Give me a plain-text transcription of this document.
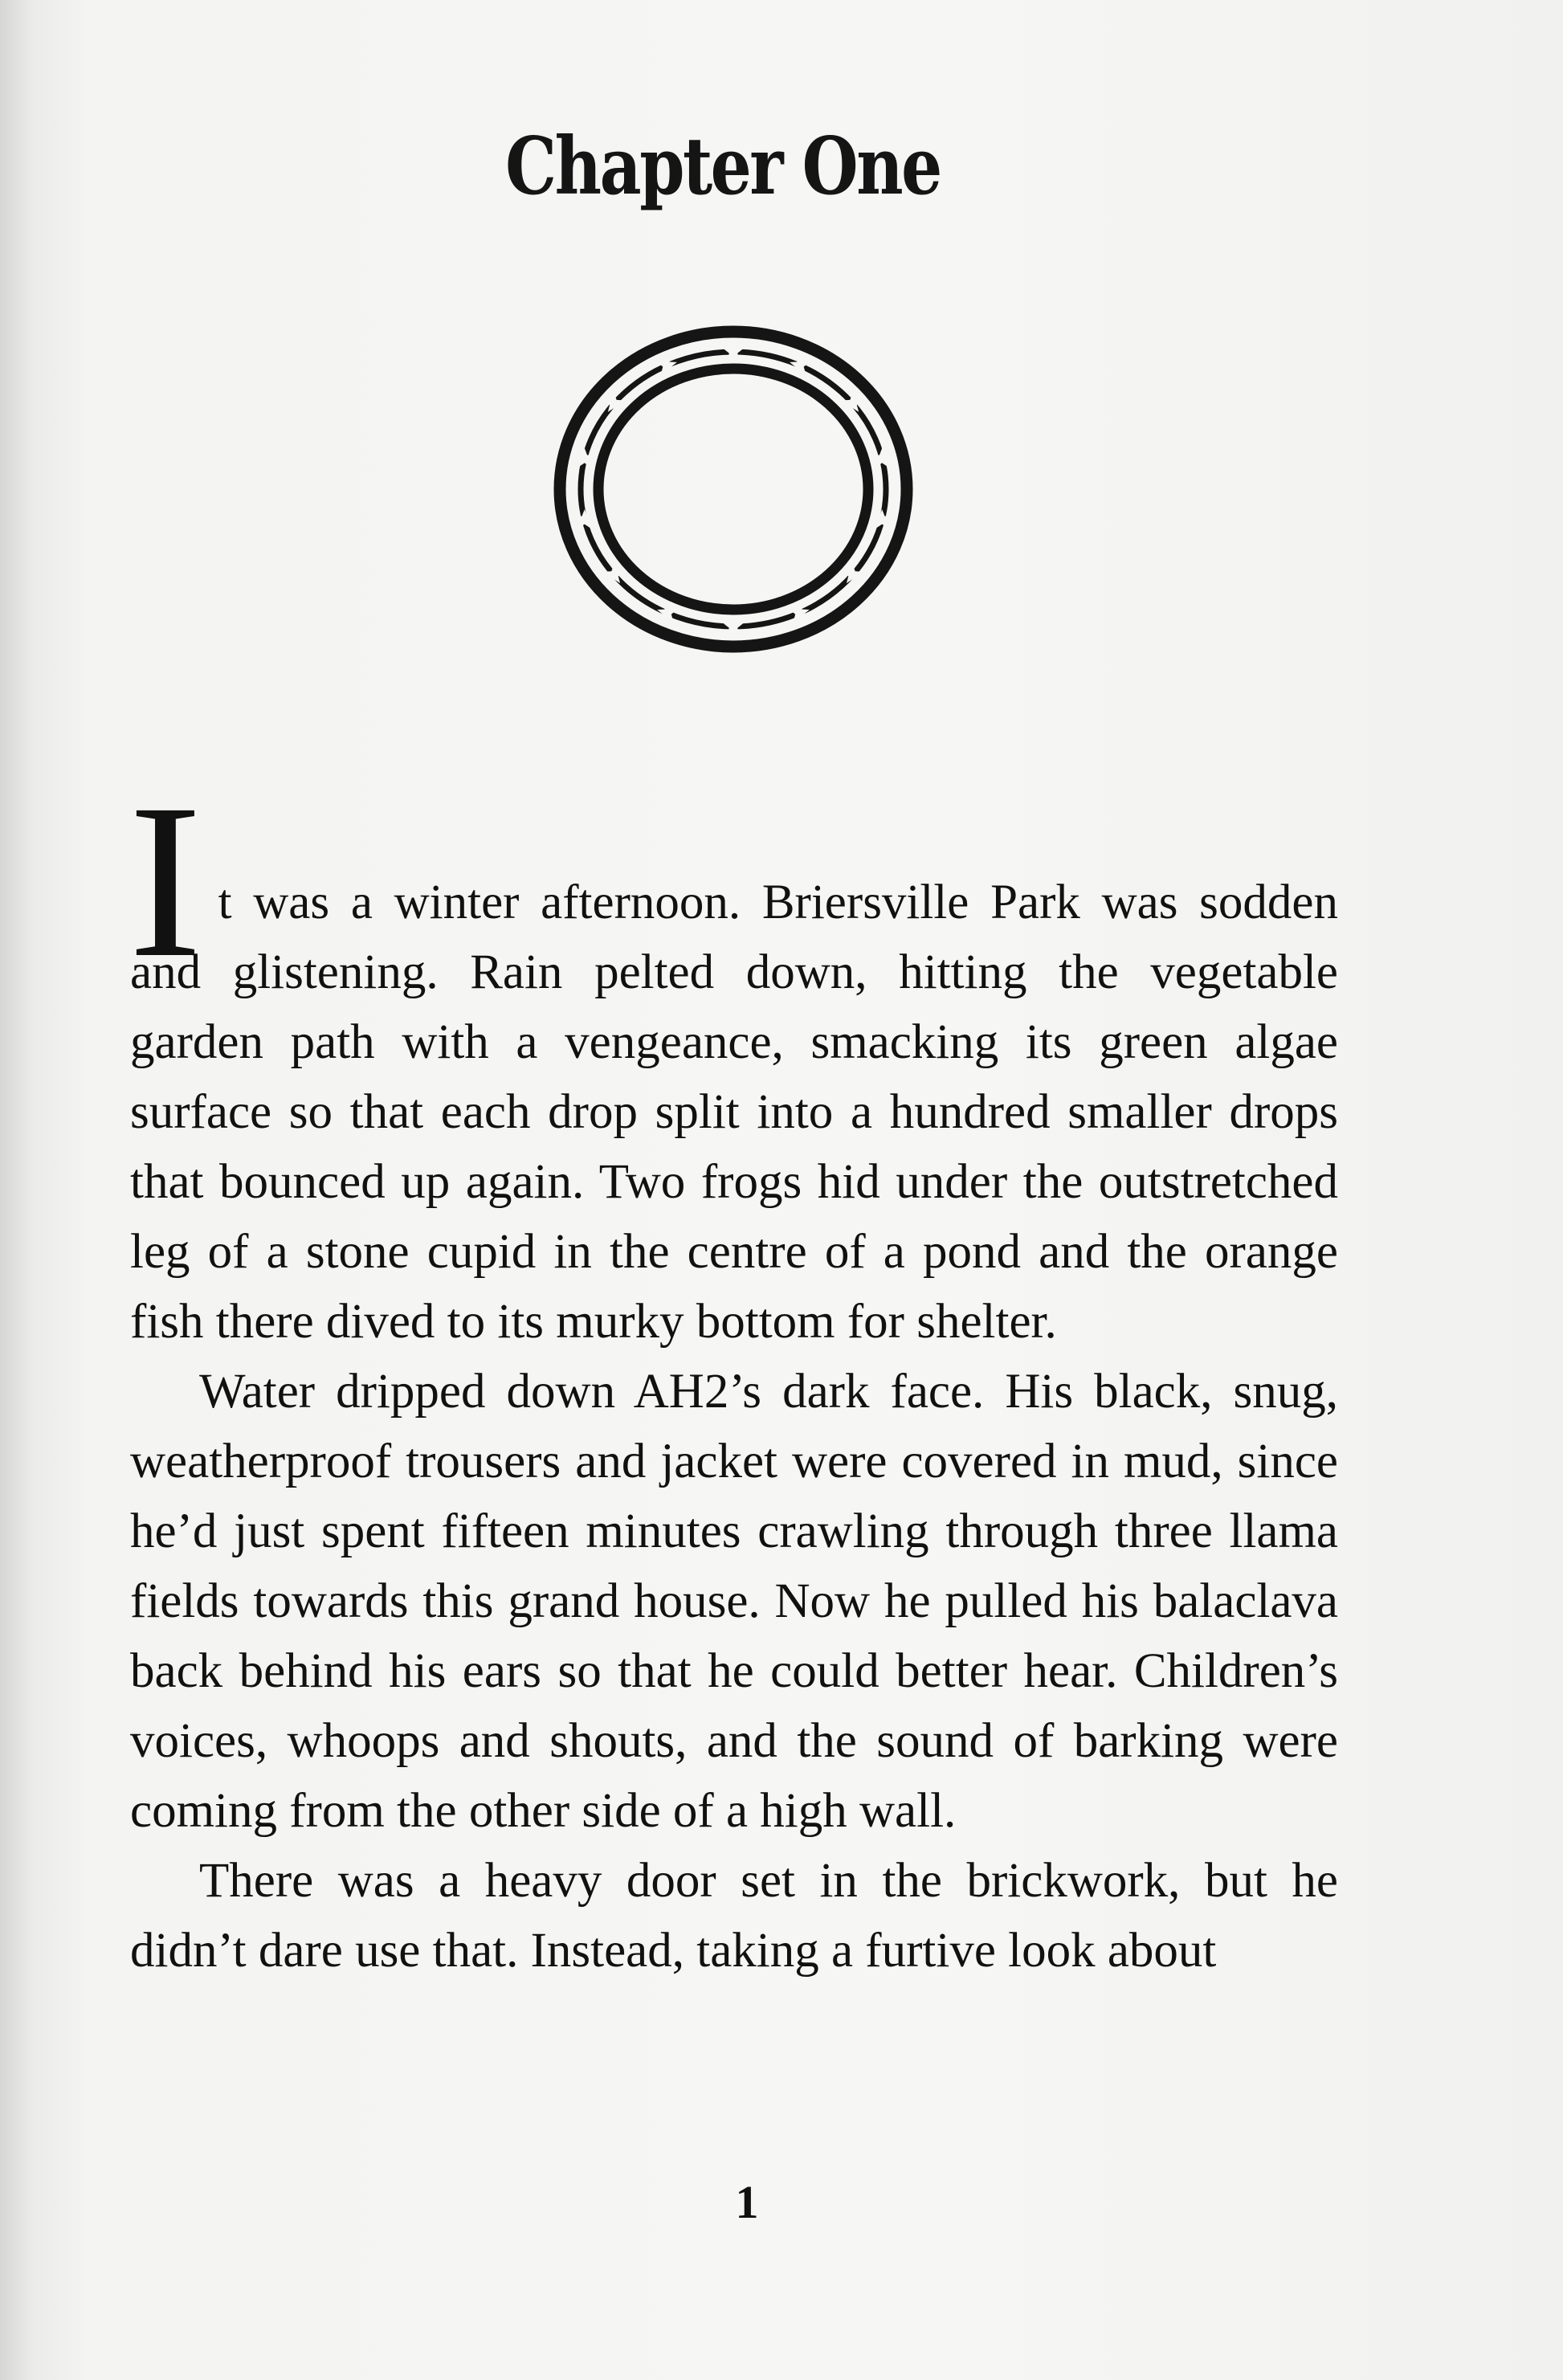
Chapter One

It was a winter afternoon. Briersville Park was sodden and glistening. Rain pelted down, hitting the vegetable garden path with a vengeance, smacking its green algae surface so that each drop split into a hundred smaller drops that bounced up again. Two frogs hid under the outstretched leg of a stone cupid in the centre of a pond and the orange fish there dived to its murky bottom for shelter.

Water dripped down AH2’s dark face. His black, snug, weatherproof trousers and jacket were covered in mud, since he’d just spent fifteen minutes crawling through three llama fields towards this grand house. Now he pulled his balaclava back behind his ears so that he could better hear. Children’s voices, whoops and shouts, and the sound of barking were coming from the other side of a high wall.

There was a heavy door set in the brickwork, but he didn’t dare use that. Instead, taking a furtive look about

1
